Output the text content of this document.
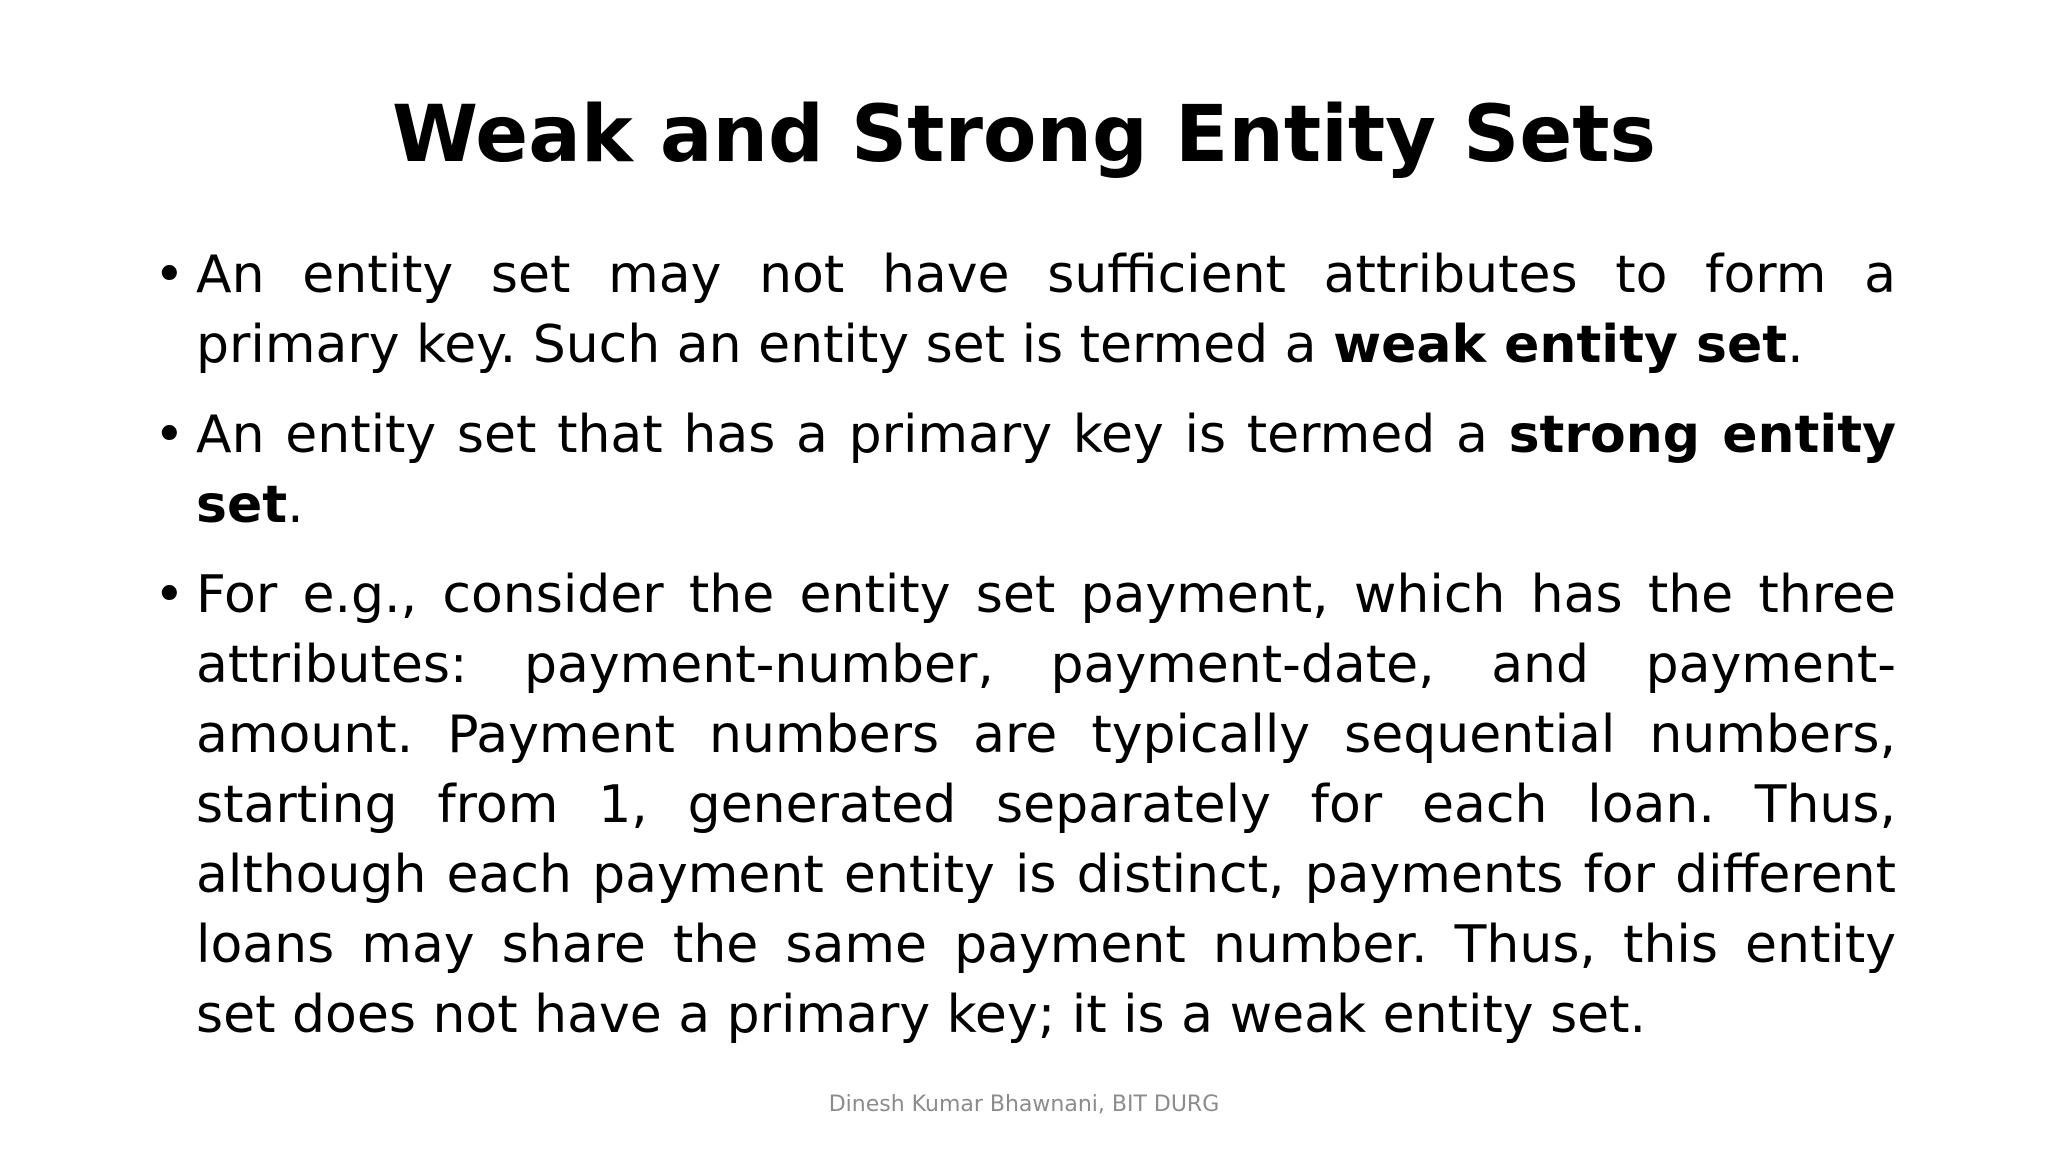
Weak and Strong Entity Sets
• An entity set may not have sufficient attributes to form a primary key. Such an entity set is termed a weak entity set.
• An entity set that has a primary key is termed a strong entity set.
• For e.g., consider the entity set payment, which has the three attributes: payment-number, payment-date, and payment-amount. Payment numbers are typically sequential numbers, starting from 1, generated separately for each loan. Thus, although each payment entity is distinct, payments for different loans may share the same payment number. Thus, this entity set does not have a primary key; it is a weak entity set.
Dinesh Kumar Bhawnani, BIT DURG
